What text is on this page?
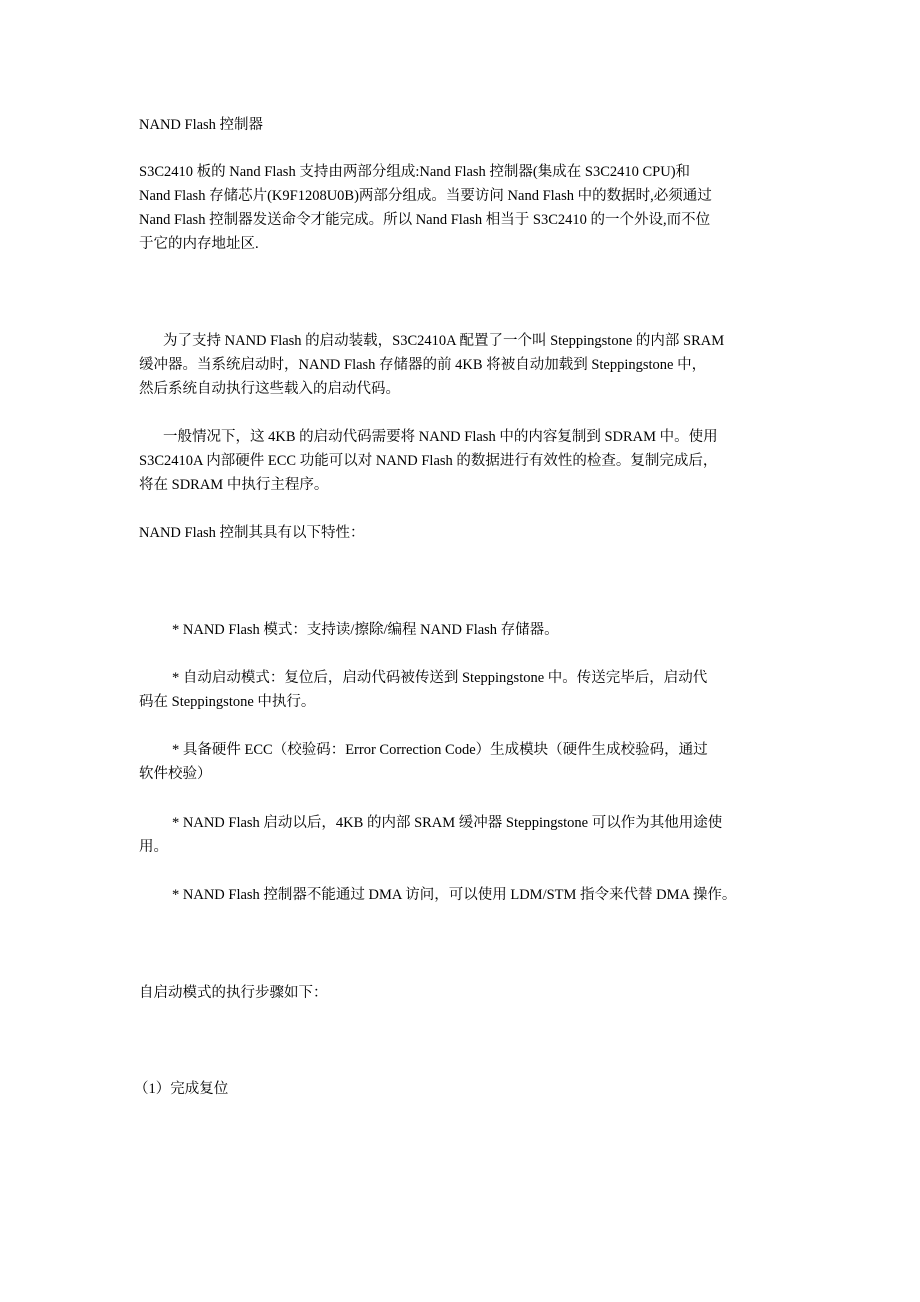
NAND Flash 控制器

S3C2410 板的 Nand Flash 支持由两部分组成:Nand Flash 控制器(集成在 S3C2410 CPU)和

Nand Flash 存储芯片(K9F1208U0B)两部分组成。当要访问 Nand Flash 中的数据时,必须通过

Nand Flash 控制器发送命令才能完成。所以 Nand Flash 相当于 S3C2410 的一个外设,而不位

于它的内存地址区.

为了支持 NAND Flash 的启动装载，S3C2410A 配置了一个叫 Steppingstone 的内部 SRAM

缓冲器。当系统启动时，NAND Flash 存储器的前 4KB 将被自动加载到 Steppingstone 中，

然后系统自动执行这些载入的启动代码。

一般情况下，这 4KB 的启动代码需要将 NAND Flash 中的内容复制到 SDRAM 中。使用

S3C2410A 内部硬件 ECC 功能可以对 NAND Flash 的数据进行有效性的检查。复制完成后，

将在 SDRAM 中执行主程序。

NAND Flash 控制其具有以下特性：

* NAND Flash 模式：支持读/擦除/编程 NAND Flash 存储器。

* 自动启动模式：复位后，启动代码被传送到 Steppingstone 中。传送完毕后，启动代

码在 Steppingstone 中执行。

* 具备硬件 ECC（校验码：Error Correction Code）生成模块（硬件生成校验码，通过

软件校验）

* NAND Flash 启动以后，4KB 的内部 SRAM 缓冲器 Steppingstone 可以作为其他用途使

用。

* NAND Flash 控制器不能通过 DMA 访问，可以使用 LDM/STM 指令来代替 DMA 操作。

自启动模式的执行步骤如下：

（1）完成复位
